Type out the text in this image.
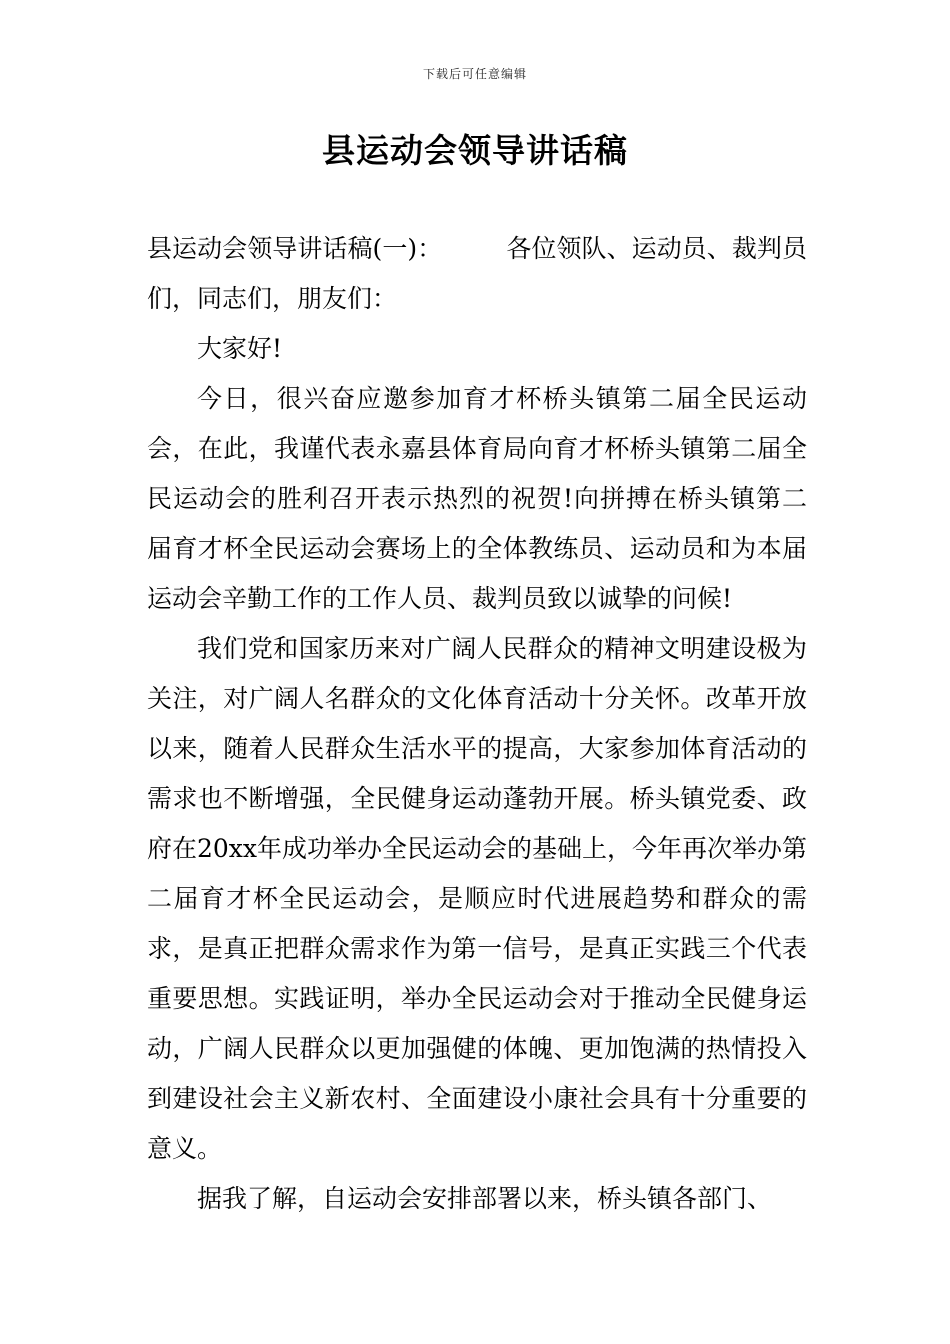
下载后可任意编辑
县运动会领导讲话稿

县运动会领导讲话稿(一)：	各位领队、运动员、裁判员们，同志们，朋友们：

大家好!

今日，很兴奋应邀参加育才杯桥头镇第二届全民运动会，在此，我谨代表永嘉县体育局向育才杯桥头镇第二届全民运动会的胜利召开表示热烈的祝贺!向拼搏在桥头镇第二届育才杯全民运动会赛场上的全体教练员、运动员和为本届运动会辛勤工作的工作人员、裁判员致以诚挚的问候!

我们党和国家历来对广阔人民群众的精神文明建设极为关注，对广阔人名群众的文化体育活动十分关怀。改革开放以来，随着人民群众生活水平的提高，大家参加体育活动的需求也不断增强，全民健身运动蓬勃开展。桥头镇党委、政府在20xx年成功举办全民运动会的基础上，今年再次举办第二届育才杯全民运动会，是顺应时代进展趋势和群众的需求，是真正把群众需求作为第一信号，是真正实践三个代表重要思想。实践证明，举办全民运动会对于推动全民健身运动，广阔人民群众以更加强健的体魄、更加饱满的热情投入到建设社会主义新农村、全面建设小康社会具有十分重要的意义。

据我了解，自运动会安排部署以来，桥头镇各部门、
